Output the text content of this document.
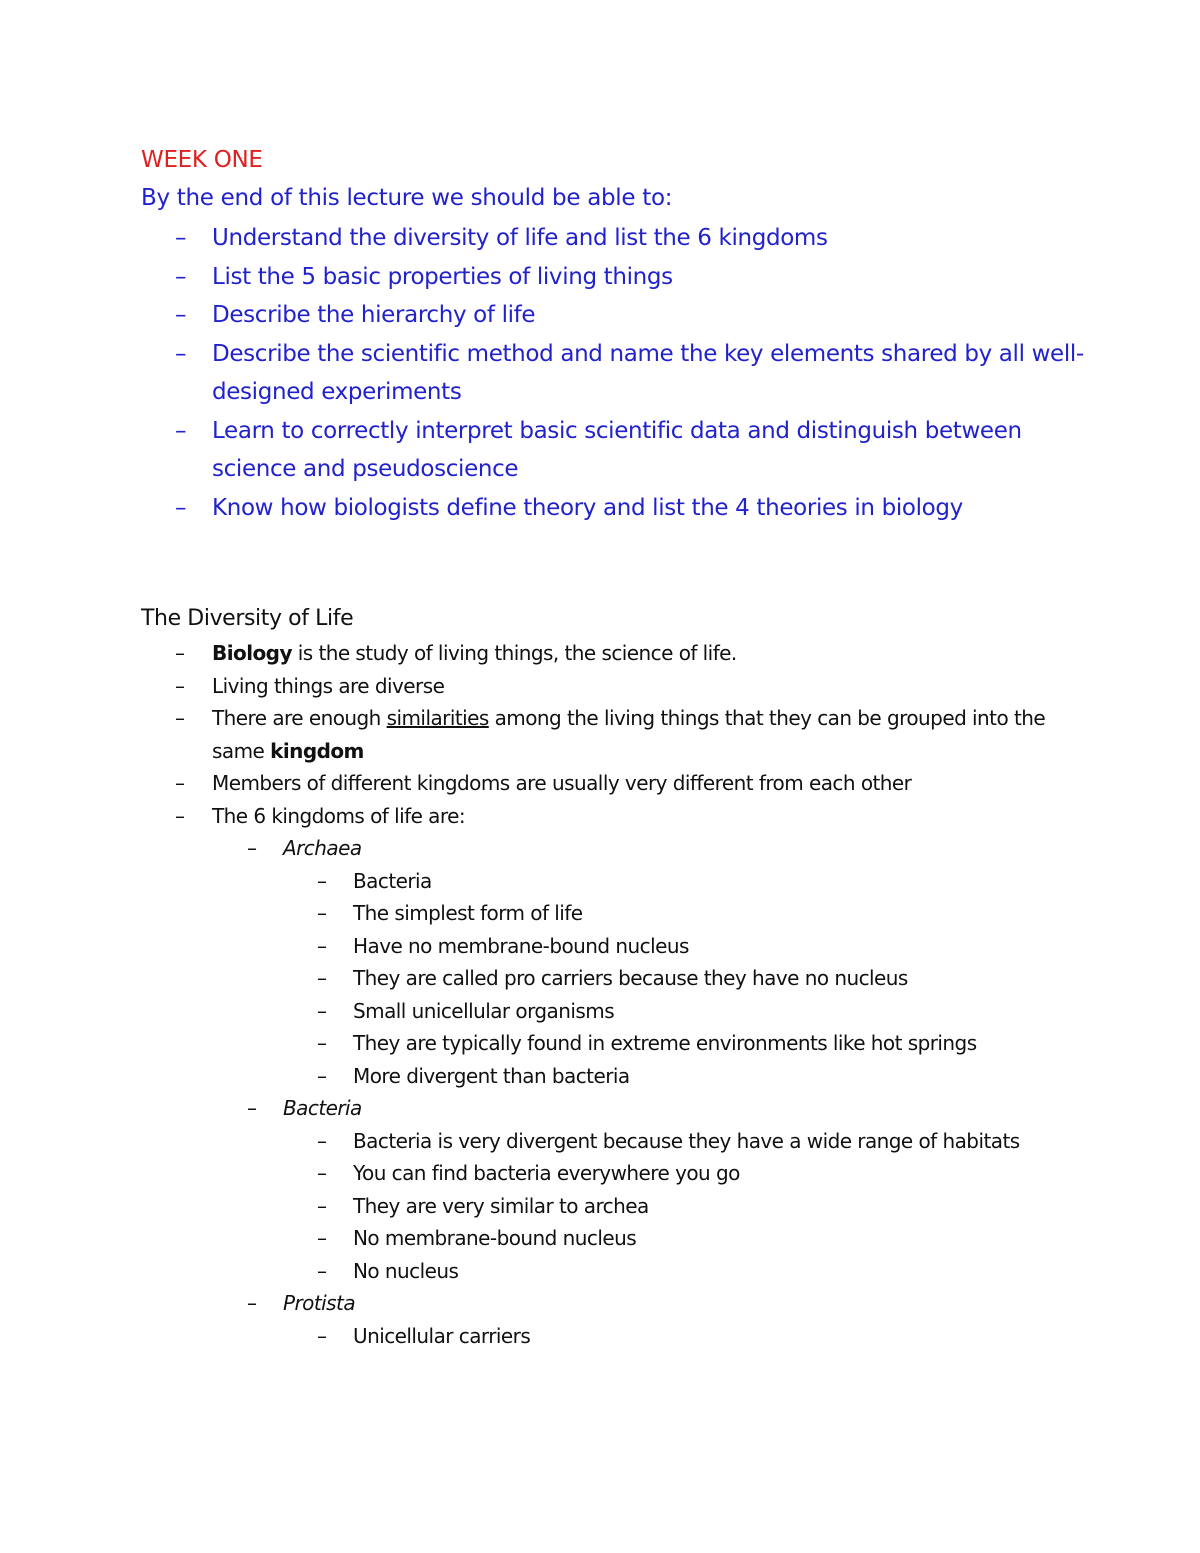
WEEK ONE
By the end of this lecture we should be able to:
– Understand the diversity of life and list the 6 kingdoms
– List the 5 basic properties of living things
– Describe the hierarchy of life
– Describe the scientific method and name the key elements shared by all well-designed experiments
– Learn to correctly interpret basic scientific data and distinguish between science and pseudoscience
– Know how biologists define theory and list the 4 theories in biology
The Diversity of Life
– Biology is the study of living things, the science of life.
– Living things are diverse
– There are enough similarities among the living things that they can be grouped into the same kingdom
– Members of different kingdoms are usually very different from each other
– The 6 kingdoms of life are:
– Archaea
– Bacteria
– The simplest form of life
– Have no membrane-bound nucleus
– They are called pro carriers because they have no nucleus
– Small unicellular organisms
– They are typically found in extreme environments like hot springs
– More divergent than bacteria
– Bacteria
– Bacteria is very divergent because they have a wide range of habitats
– You can find bacteria everywhere you go
– They are very similar to archea
– No membrane-bound nucleus
– No nucleus
– Protista
– Unicellular carriers
